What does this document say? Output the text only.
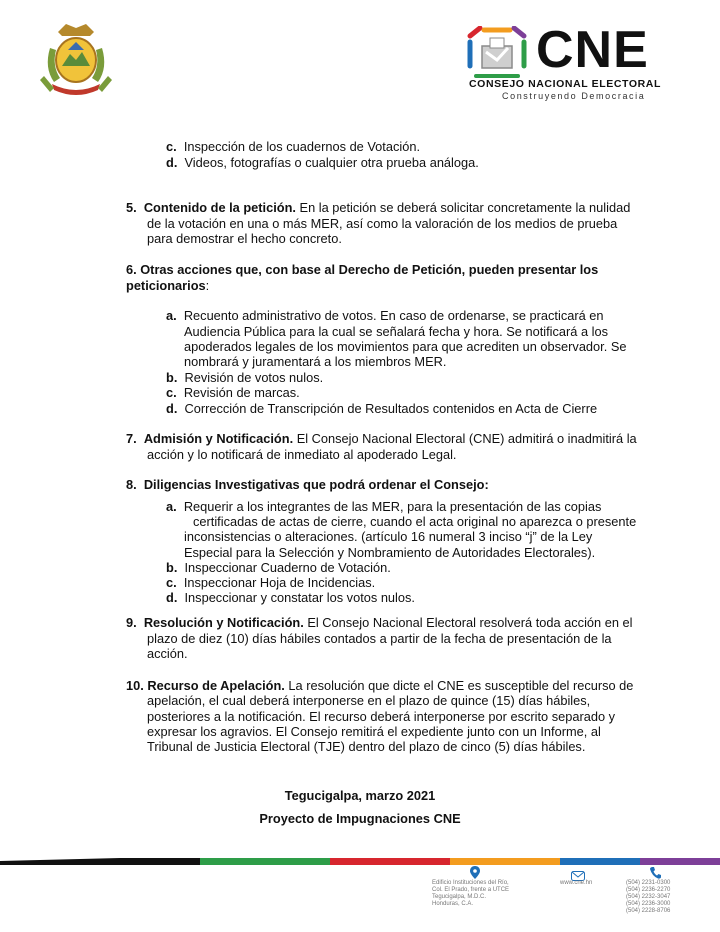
CNE
CONSEJO NACIONAL ELECTORAL
Construyendo Democracia
c. Inspección de los cuadernos de Votación.
d. Videos, fotografías o cualquier otra prueba análoga.
5. Contenido de la petición. En la petición se deberá solicitar concretamente la nulidad
de la votación en una o más MER, así como la valoración de los medios de prueba
para demostrar el hecho concreto.
6. Otras acciones que, con base al Derecho de Petición, pueden presentar los
peticionarios:
a. Recuento administrativo de votos. En caso de ordenarse, se practicará en
Audiencia Pública para la cual se señalará fecha y hora. Se notificará a los
apoderados legales de los movimientos para que acrediten un observador. Se
nombrará y juramentará a los miembros MER.
b. Revisión de votos nulos.
c. Revisión de marcas.
d. Corrección de Transcripción de Resultados contenidos en Acta de Cierre
7. Admisión y Notificación. El Consejo Nacional Electoral (CNE) admitirá o inadmitirá la
acción y lo notificará de inmediato al apoderado Legal.
8. Diligencias Investigativas que podrá ordenar el Consejo:
a. Requerir a los integrantes de las MER, para la presentación de las copias
certificadas de actas de cierre, cuando el acta original no aparezca o presente
inconsistencias o alteraciones. (artículo 16 numeral 3 inciso “j” de la Ley
Especial para la Selección y Nombramiento de Autoridades Electorales).
b. Inspeccionar Cuaderno de Votación.
c. Inspeccionar Hoja de Incidencias.
d. Inspeccionar y constatar los votos nulos.
9. Resolución y Notificación. El Consejo Nacional Electoral resolverá toda acción en el
plazo de diez (10) días hábiles contados a partir de la fecha de presentación de la
acción.
10. Recurso de Apelación. La resolución que dicte el CNE es susceptible del recurso de
apelación, el cual deberá interponerse en el plazo de quince (15) días hábiles,
posteriores a la notificación. El recurso deberá interponerse por escrito separado y
expresar los agravios. El Consejo remitirá el expediente junto con un Informe, al
Tribunal de Justicia Electoral (TJE) dentro del plazo de cinco (5) días hábiles.
Tegucigalpa, marzo 2021
Proyecto de Impugnaciones CNE
Edificio Instituciones del Río,
Col. El Prado, frente a UTCE
Tegucigalpa, M.D.C.
Honduras, C.A.
www.cne.hn	(504) 2231-0300
(504) 2236-2270
(504) 2232-3047
(504) 2236-3000
(504) 2228-8706
